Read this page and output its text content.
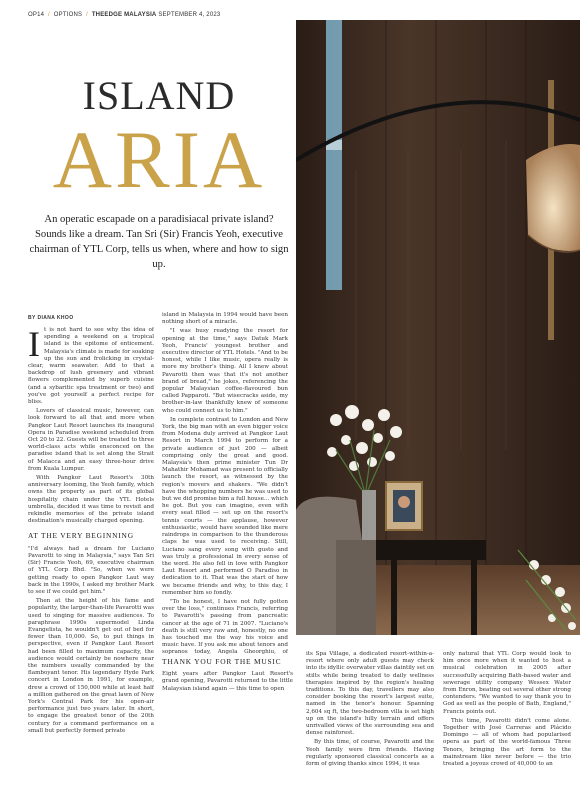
OP14 / OPTIONS / THEEDGE MALAYSIA SEPTEMBER 4, 2023
ISLAND
ARIA
An operatic escapade on a paradisiacal private island? Sounds like a dream. Tan Sri (Sir) Francis Yeoh, executive chairman of YTL Corp, tells us when, where and how to sign up.
BY DIANA KHOO

It is not hard to see why the idea of spending a weekend on a tropical island is the epitome of enticement. Malaysia's climate is made for soaking up the sun and frolicking in crystal-clear, warm seawater. Add to that a backdrop of lush greenery and vibrant flowers complemented by superb cuisine (and a sybaritic spa treatment or two) and you've got yourself a perfect recipe for bliss.

Lovers of classical music, however, can look forward to all that and more when Pangkor Laut Resort launches its inaugural Opera in Paradise weekend scheduled from Oct 20 to 22. Guests will be treated to three world-class acts while ensconced on the paradise island that is set along the Strait of Malacca and an easy three-hour drive from Kuala Lumpur.

With Pangkor Laut Resort's 30th anniversary looming, the Yeoh family, which owns the property as part of its global hospitality chain under the YTL Hotels umbrella, decided it was time to revisit and rekindle memories of the private island destination's musically charged opening.

AT THE VERY BEGINNING

"I'd always had a dream for Luciano Pavarotti to sing in Malaysia," says Tan Sri (Sir) Francis Yeoh, 69, executive chairman of YTL Corp Bhd. "So, when we were getting ready to open Pangkor Laut way back in the 1990s, I asked my brother Mark to see if we could get him."

Then at the height of his fame and popularity, the larger-than-life Pavarotti was used to singing for massive audiences. To paraphrase 1990s supermodel Linda Evangelista, he wouldn't get out of bed for fewer than 10,000. So, to put things in perspective, even if Pangkor Laut Resort had been filled to maximum capacity, the audience would certainly be nowhere near the numbers usually commanded by the flamboyant tenor. His legendary Hyde Park concert in London in 1991, for example, drew a crowd of 150,000 while at least half a million gathered on the great lawn of New York's Central Park for his open-air performance just two years later. In short, to engage the greatest tenor of the 20th century for a command performance on a small but perfectly formed private

island in Malaysia in 1994 would have been nothing short of a miracle.

"I was busy readying the resort for opening at the time," says Datuk Mark Yeoh, Francis' youngest brother and executive director of YTL Hotels. "And to be honest, while I like music, opera really is more my brother's thing. All I knew about Pavarotti then was that it's not another brand of bread," he jokes, referencing the popular Malaysian coffee-flavoured bun called Papparoti. "But wisecracks aside, my brother-in-law thankfully knew of someone who could connect us to him."

In complete contrast to London and New York, the big man with an even bigger voice from Modena duly arrived at Pangkor Laut Resort in March 1994 to perform for a private audience of just 200 — albeit comprising only the great and good. Malaysia's then prime minister Tun Dr Mahathir Mohamad was present to officially launch the resort, as witnessed by the region's movers and shakers. "We didn't have the whopping numbers he was used to but we did promise him a full house... which he got. But you can imagine, even with every seat filled — set up on the resort's tennis courts — the applause, however enthusiastic, would have sounded like mere raindrops in comparison to the thunderous claps he was used to receiving. Still, Luciano sang every song with gusto and was truly a professional in every sense of the word. He also fell in love with Pangkor Laut Resort and performed O Paradiso in dedication to it. That was the start of how we became friends and why, to this day, I remember him so fondly.

"To be honest, I have not fully gotten over the loss," continues Francis, referring to Pavarotti's passing from pancreatic cancer at the age of 71 in 2007. "Luciano's death is still very raw and, honestly, no one has touched me the way his voice and music have. If you ask me about tenors and sopranos today, Angela Gheorghiu, of

THANK YOU FOR THE MUSIC

Eight years after Pangkor Laut Resort's grand opening, Pavarotti returned to the little Malaysian island again — this time to open

its Spa Village, a dedicated resort-within-a-resort where only adult guests may check into its idyllic overwater villas daintily set on stilts while being treated to daily wellness therapies inspired by the region's healing traditions. To this day, travellers may also consider booking the resort's largest suite, named in the tenor's honour. Spanning 2,604 sq ft, the two-bedroom villa is set high up on the island's hilly terrain and offers unrivalled views of the surrounding sea and dense rainforest.

By this time, of course, Pavarotti and the Yeoh family were firm friends. Having regularly sponsored classical concerts as a form of giving thanks since 1994, it was

only natural that YTL Corp would look to him once more when it wanted to host a musical celebration in 2005 after successfully acquiring Bath-based water and sewerage utility company Wessex Water from Enron, beating out several other strong contenders. "We wanted to say thank you to God as well as the people of Bath, England," Francis points out.

This time, Pavarotti didn't come alone. Together with José Carreras and Plácido Domingo — all of whom had popularised opera as part of the world-famous Three Tenors, bringing the art form to the mainstream like never before — the trio treated a joyous crowd of 40,000 to an
